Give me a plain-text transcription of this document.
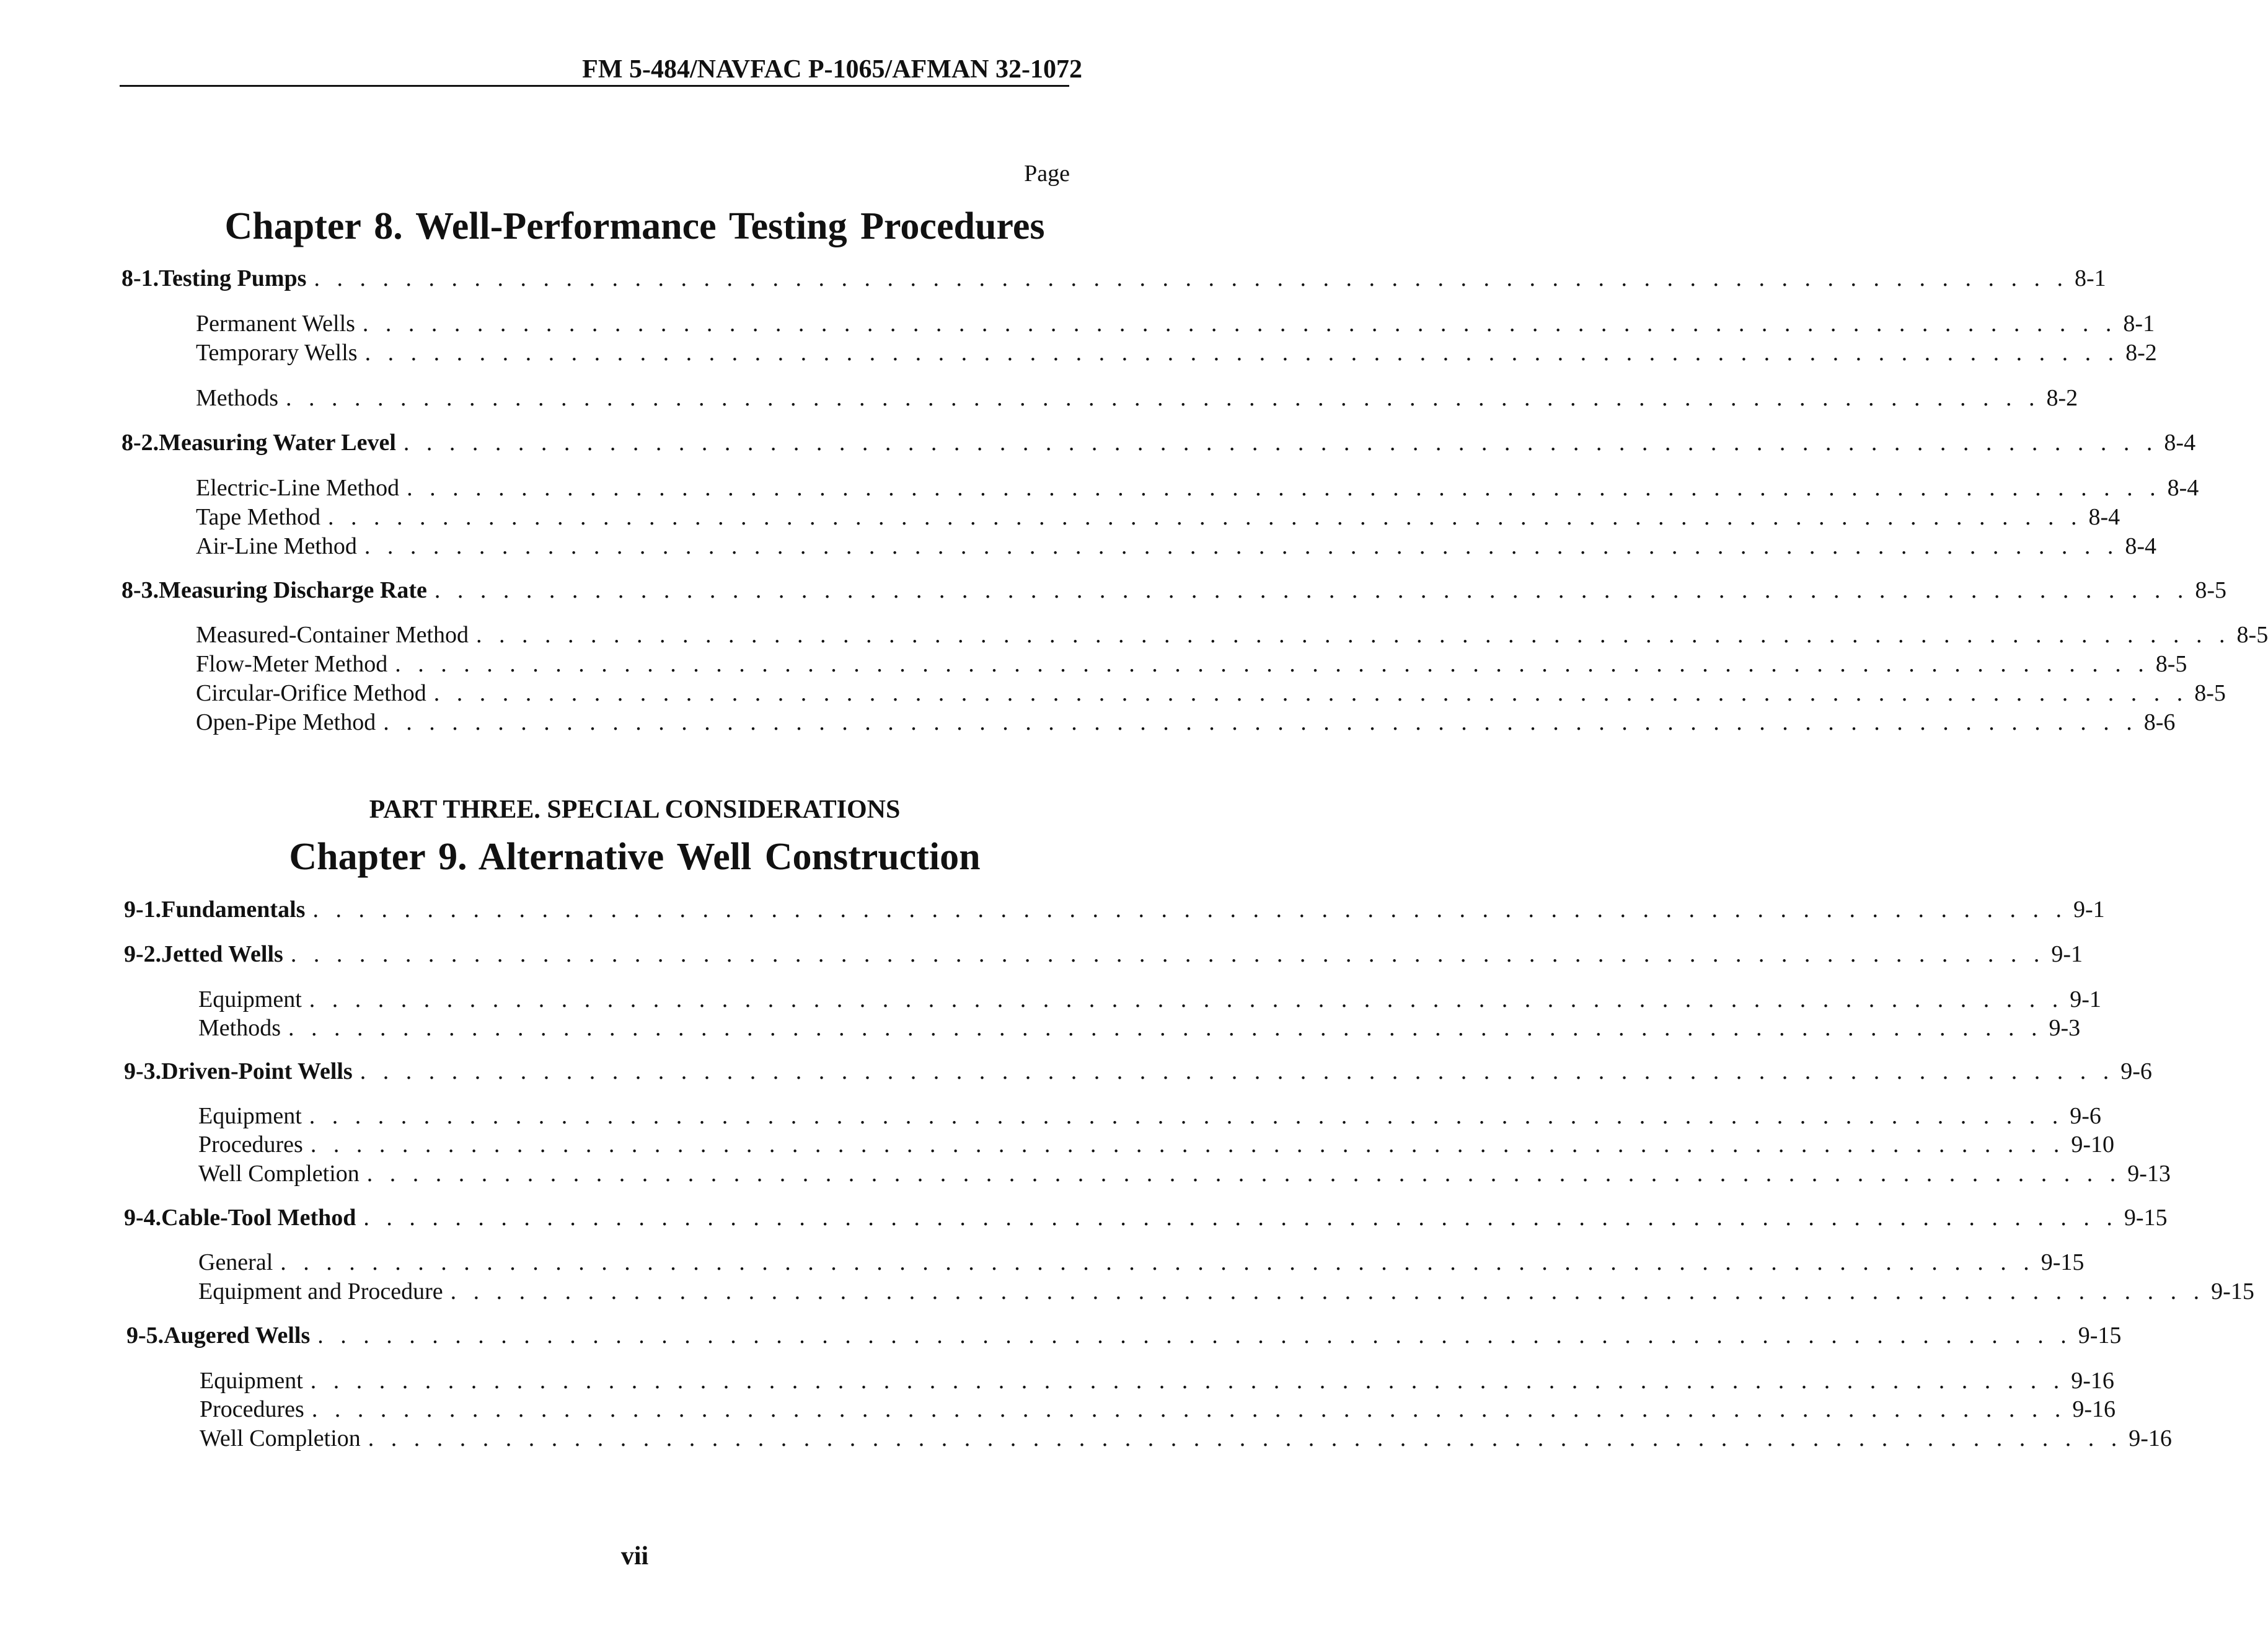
FM 5-484/NAVFAC P-1065/AFMAN 32-1072
Page
Chapter 8. Well-Performance Testing Procedures
8-1. Testing Pumps . . . . . . . . . . . . . . . . . . . . . . . . . . . . . . . . . . . . . . . . . . . . . . . . . . . . . . . . . . . . . . . . . . . . . . . . . . . . . 8-1
Permanent Wells . . . . . . . . . . . . . . . . . . . . . . . . . . . . . . . . . . . . . . . . . . . . . . . . . . . . . . . . . . . . . . . . . . . . . . . . . . . . . 8-1
Temporary Wells . . . . . . . . . . . . . . . . . . . . . . . . . . . . . . . . . . . . . . . . . . . . . . . . . . . . . . . . . . . . . . . . . . . . . . . . . . . . . 8-2
Methods . . . . . . . . . . . . . . . . . . . . . . . . . . . . . . . . . . . . . . . . . . . . . . . . . . . . . . . . . . . . . . . . . . . . . . . . . . . . . 8-2
8-2. Measuring Water Level . . . . . . . . . . . . . . . . . . . . . . . . . . . . . . . . . . . . . . . . . . . . . . . . . . . . . . . . . . . . . . . . . . . . . . . . . . . . . 8-4
Electric-Line Method . . . . . . . . . . . . . . . . . . . . . . . . . . . . . . . . . . . . . . . . . . . . . . . . . . . . . . . . . . . . . . . . . . . . . . . . . . . . . 8-4
Tape Method . . . . . . . . . . . . . . . . . . . . . . . . . . . . . . . . . . . . . . . . . . . . . . . . . . . . . . . . . . . . . . . . . . . . . . . . . . . . . 8-4
Air-Line Method . . . . . . . . . . . . . . . . . . . . . . . . . . . . . . . . . . . . . . . . . . . . . . . . . . . . . . . . . . . . . . . . . . . . . . . . . . . . . 8-4
8-3. Measuring Discharge Rate . . . . . . . . . . . . . . . . . . . . . . . . . . . . . . . . . . . . . . . . . . . . . . . . . . . . . . . . . . . . . . . . . . . . . . . . . . . . . 8-5
Measured-Container Method . . . . . . . . . . . . . . . . . . . . . . . . . . . . . . . . . . . . . . . . . . . . . . . . . . . . . . . . . . . . . . . . . . . . . . . . . . . . . 8-5
Flow-Meter Method . . . . . . . . . . . . . . . . . . . . . . . . . . . . . . . . . . . . . . . . . . . . . . . . . . . . . . . . . . . . . . . . . . . . . . . . . . . . . 8-5
Circular-Orifice Method . . . . . . . . . . . . . . . . . . . . . . . . . . . . . . . . . . . . . . . . . . . . . . . . . . . . . . . . . . . . . . . . . . . . . . . . . . . . . 8-5
Open-Pipe Method . . . . . . . . . . . . . . . . . . . . . . . . . . . . . . . . . . . . . . . . . . . . . . . . . . . . . . . . . . . . . . . . . . . . . . . . . . . . . 8-6
PART THREE. SPECIAL CONSIDERATIONS
Chapter 9. Alternative Well Construction
9-1. Fundamentals . . . . . . . . . . . . . . . . . . . . . . . . . . . . . . . . . . . . . . . . . . . . . . . . . . . . . . . . . . . . . . . . . . . . . . . . . . . . . 9-1
9-2. Jetted Wells . . . . . . . . . . . . . . . . . . . . . . . . . . . . . . . . . . . . . . . . . . . . . . . . . . . . . . . . . . . . . . . . . . . . . . . . . . . . . 9-1
Equipment . . . . . . . . . . . . . . . . . . . . . . . . . . . . . . . . . . . . . . . . . . . . . . . . . . . . . . . . . . . . . . . . . . . . . . . . . . . . . 9-1
Methods . . . . . . . . . . . . . . . . . . . . . . . . . . . . . . . . . . . . . . . . . . . . . . . . . . . . . . . . . . . . . . . . . . . . . . . . . . . . . 9-3
9-3. Driven-Point Wells . . . . . . . . . . . . . . . . . . . . . . . . . . . . . . . . . . . . . . . . . . . . . . . . . . . . . . . . . . . . . . . . . . . . . . . . . . . . . 9-6
Equipment . . . . . . . . . . . . . . . . . . . . . . . . . . . . . . . . . . . . . . . . . . . . . . . . . . . . . . . . . . . . . . . . . . . . . . . . . . . . . 9-6
Procedures . . . . . . . . . . . . . . . . . . . . . . . . . . . . . . . . . . . . . . . . . . . . . . . . . . . . . . . . . . . . . . . . . . . . . . . . . . . . . 9-10
Well Completion . . . . . . . . . . . . . . . . . . . . . . . . . . . . . . . . . . . . . . . . . . . . . . . . . . . . . . . . . . . . . . . . . . . . . . . . . . . . . 9-13
9-4. Cable-Tool Method . . . . . . . . . . . . . . . . . . . . . . . . . . . . . . . . . . . . . . . . . . . . . . . . . . . . . . . . . . . . . . . . . . . . . . . . . . . . . 9-15
General . . . . . . . . . . . . . . . . . . . . . . . . . . . . . . . . . . . . . . . . . . . . . . . . . . . . . . . . . . . . . . . . . . . . . . . . . . . . . 9-15
Equipment and Procedure . . . . . . . . . . . . . . . . . . . . . . . . . . . . . . . . . . . . . . . . . . . . . . . . . . . . . . . . . . . . . . . . . . . . . . . . . . . . . 9-15
9-5. Augered Wells . . . . . . . . . . . . . . . . . . . . . . . . . . . . . . . . . . . . . . . . . . . . . . . . . . . . . . . . . . . . . . . . . . . . . . . . . . . . . 9-15
Equipment . . . . . . . . . . . . . . . . . . . . . . . . . . . . . . . . . . . . . . . . . . . . . . . . . . . . . . . . . . . . . . . . . . . . . . . . . . . . . 9-16
Procedures . . . . . . . . . . . . . . . . . . . . . . . . . . . . . . . . . . . . . . . . . . . . . . . . . . . . . . . . . . . . . . . . . . . . . . . . . . . . . 9-16
Well Completion . . . . . . . . . . . . . . . . . . . . . . . . . . . . . . . . . . . . . . . . . . . . . . . . . . . . . . . . . . . . . . . . . . . . . . . . . . . . . 9-16
vii
